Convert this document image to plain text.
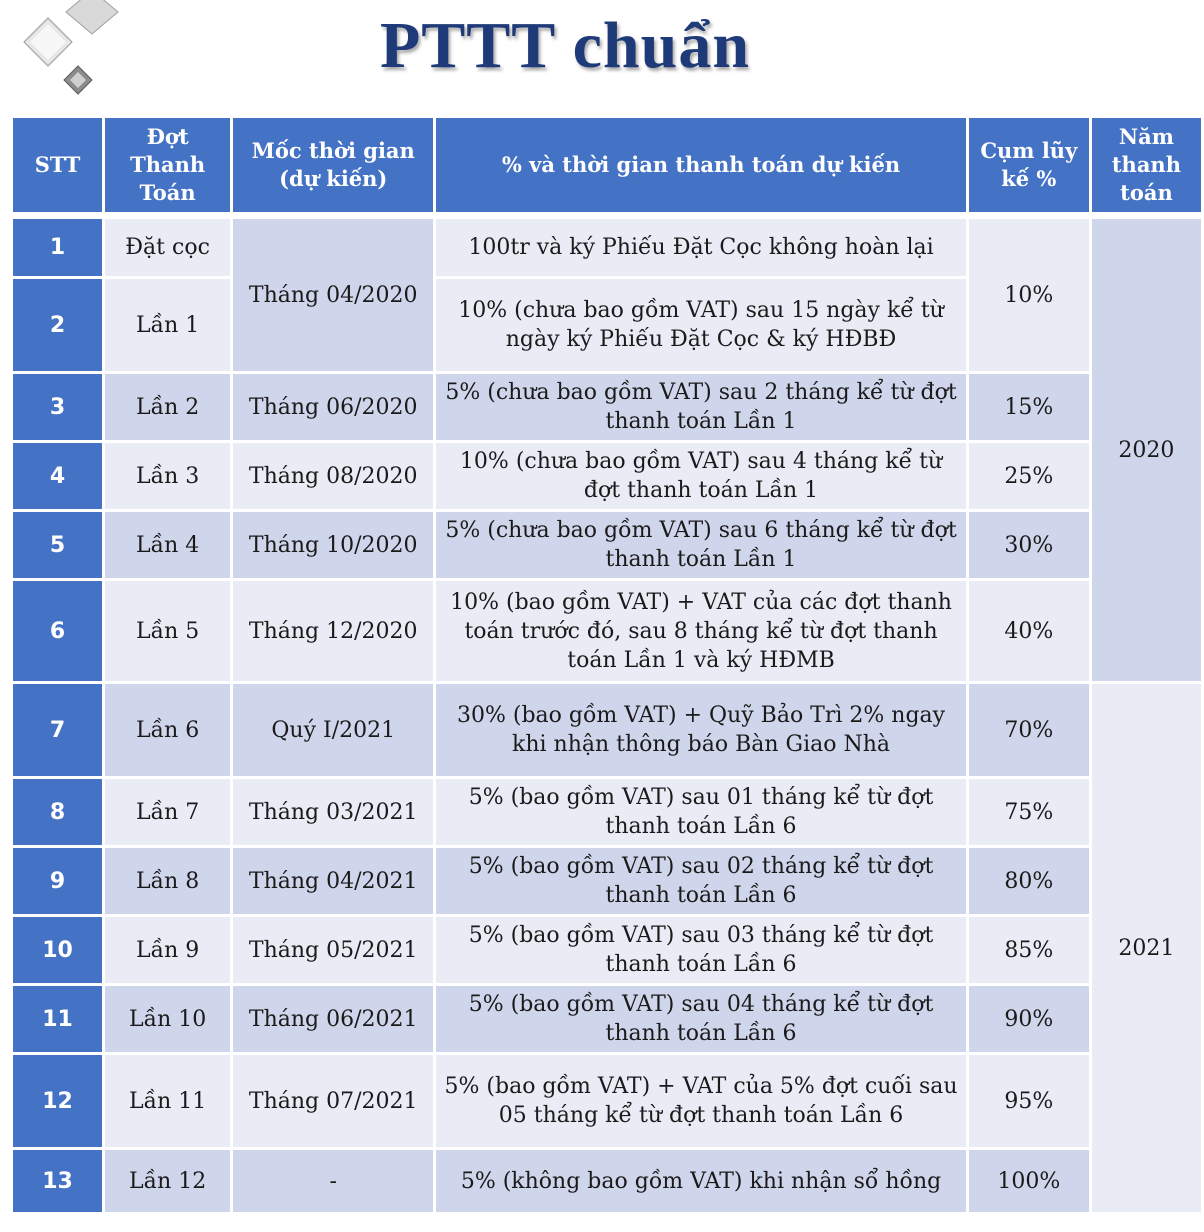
PTTT chuẩn
STT	Đợt Thanh Toán	Mốc thời gian (dự kiến)	% và thời gian thanh toán dự kiến	Cụm lũy kế %	Năm thanh toán
1	Đặt cọc	Tháng 04/2020	100tr và ký Phiếu Đặt Cọc không hoàn lại	10%	2020
2	Lần 1		10% (chưa bao gồm VAT) sau 15 ngày kể từ ngày ký Phiếu Đặt Cọc & ký HĐBĐ		
3	Lần 2	Tháng 06/2020	5% (chưa bao gồm VAT) sau 2 tháng kể từ đợt thanh toán Lần 1	15%	
4	Lần 3	Tháng 08/2020	10% (chưa bao gồm VAT) sau 4 tháng kể từ đợt thanh toán Lần 1	25%	
5	Lần 4	Tháng 10/2020	5% (chưa bao gồm VAT) sau 6 tháng kể từ đợt thanh toán Lần 1	30%	
6	Lần 5	Tháng 12/2020	10% (bao gồm VAT) + VAT của các đợt thanh toán trước đó, sau 8 tháng kể từ đợt thanh toán Lần 1 và ký HĐMB	40%	
7	Lần 6	Quý I/2021	30% (bao gồm VAT) + Quỹ Bảo Trì 2% ngay khi nhận thông báo Bàn Giao Nhà	70%	2021
8	Lần 7	Tháng 03/2021	5% (bao gồm VAT) sau 01 tháng kể từ đợt thanh toán Lần 6	75%	
9	Lần 8	Tháng 04/2021	5% (bao gồm VAT) sau 02 tháng kể từ đợt thanh toán Lần 6	80%	
10	Lần 9	Tháng 05/2021	5% (bao gồm VAT) sau 03 tháng kể từ đợt thanh toán Lần 6	85%	
11	Lần 10	Tháng 06/2021	5% (bao gồm VAT) sau 04 tháng kể từ đợt thanh toán Lần 6	90%	
12	Lần 11	Tháng 07/2021	5% (bao gồm VAT) + VAT của 5% đợt cuối sau 05 tháng kể từ đợt thanh toán Lần 6	95%	
13	Lần 12	-	5% (không bao gồm VAT) khi nhận sổ hồng	100%	
